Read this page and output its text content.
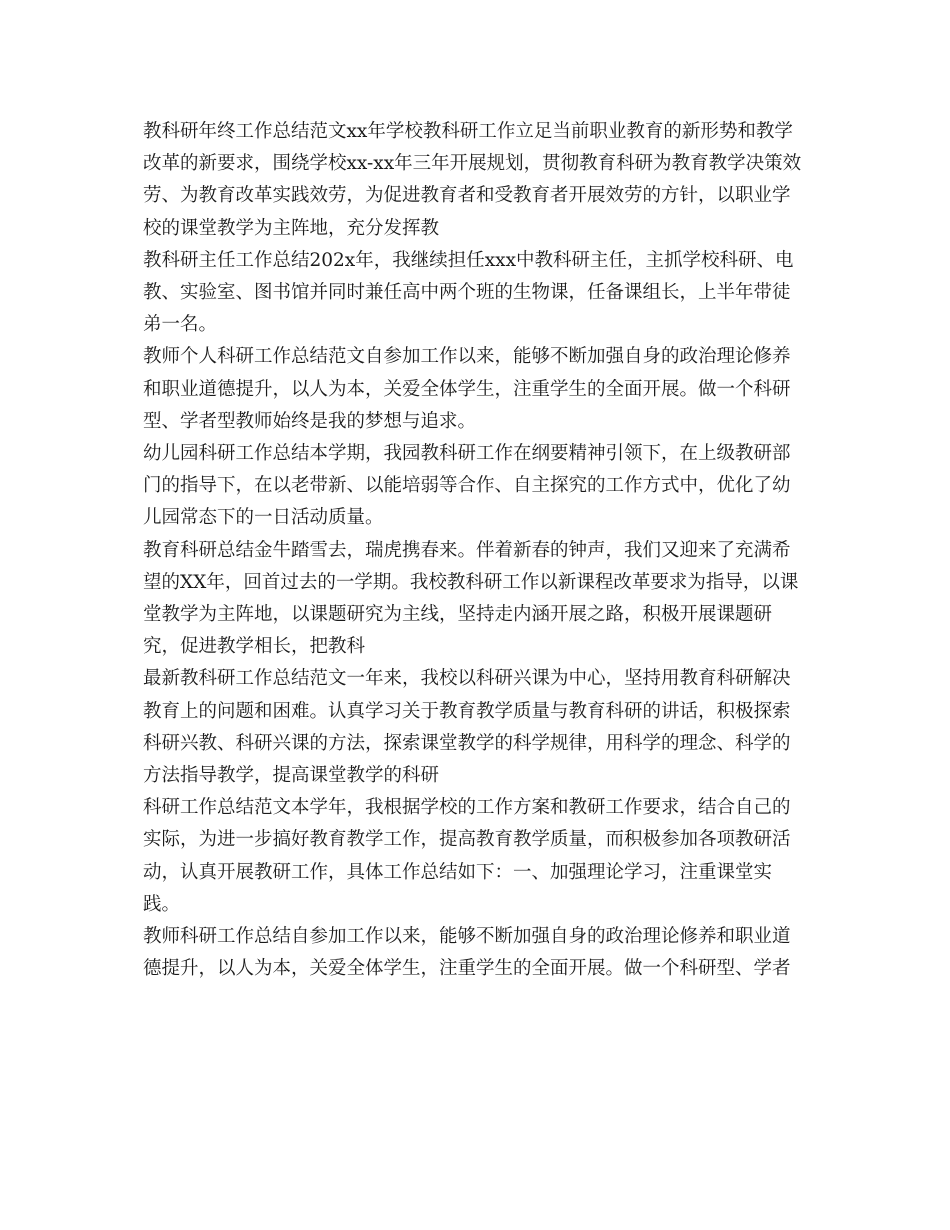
教科研年终工作总结范文xx年学校教科研工作立足当前职业教育的新形势和教学改革的新要求，围绕学校xx-xx年三年开展规划，贯彻教育科研为教育教学决策效劳、为教育改革实践效劳，为促进教育者和受教育者开展效劳的方针，以职业学校的课堂教学为主阵地，充分发挥教

教科研主任工作总结202x年，我继续担任xxx中教科研主任，主抓学校科研、电教、实验室、图书馆并同时兼任高中两个班的生物课，任备课组长，上半年带徒弟一名。

教师个人科研工作总结范文自参加工作以来，能够不断加强自身的政治理论修养和职业道德提升，以人为本，关爱全体学生，注重学生的全面开展。做一个科研型、学者型教师始终是我的梦想与追求。

幼儿园科研工作总结本学期，我园教科研工作在纲要精神引领下，在上级教研部门的指导下，在以老带新、以能培弱等合作、自主探究的工作方式中，优化了幼儿园常态下的一日活动质量。

教育科研总结金牛踏雪去，瑞虎携春来。伴着新春的钟声，我们又迎来了充满希望的XX年，回首过去的一学期。我校教科研工作以新课程改革要求为指导，以课堂教学为主阵地，以课题研究为主线，坚持走内涵开展之路，积极开展课题研究，促进教学相长，把教科

最新教科研工作总结范文一年来，我校以科研兴课为中心，坚持用教育科研解决教育上的问题和困难。认真学习关于教育教学质量与教育科研的讲话，积极探索科研兴教、科研兴课的方法，探索课堂教学的科学规律，用科学的理念、科学的方法指导教学，提高课堂教学的科研

科研工作总结范文本学年，我根据学校的工作方案和教研工作要求，结合自己的实际，为进一步搞好教育教学工作，提高教育教学质量，而积极参加各项教研活动，认真开展教研工作，具体工作总结如下：一、加强理论学习，注重课堂实践。

教师科研工作总结自参加工作以来，能够不断加强自身的政治理论修养和职业道德提升，以人为本，关爱全体学生，注重学生的全面开展。做一个科研型、学者
